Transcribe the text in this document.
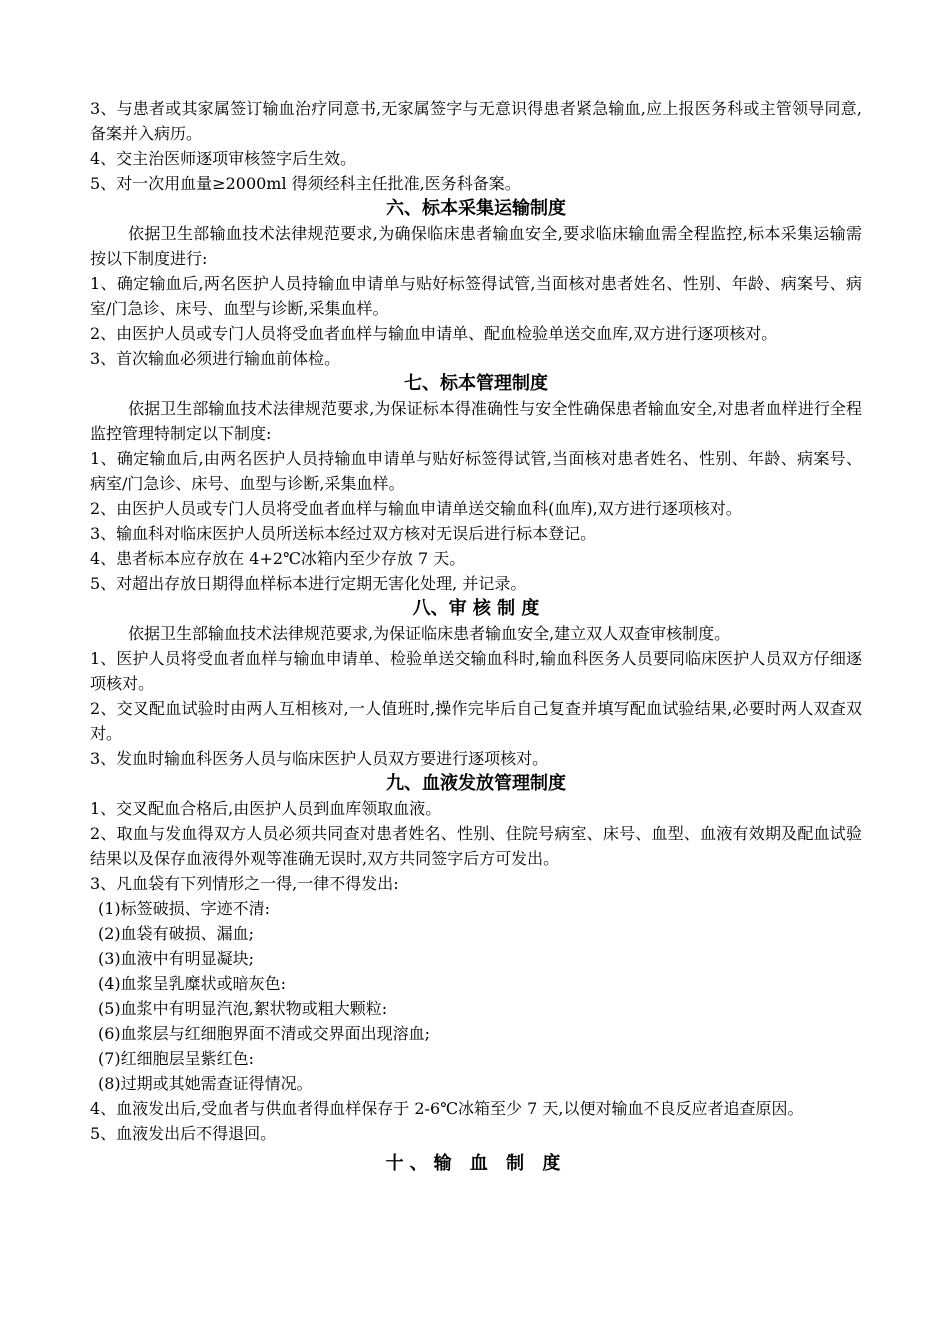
3、与患者或其家属签订输血治疗同意书,无家属签字与无意识得患者紧急输血,应上报医务科或主管领导同意,备案并入病历。

4、交主治医师逐项审核签字后生效。

5、对一次用血量≥2000ml 得须经科主任批准,医务科备案。

六、标本采集运输制度

依据卫生部输血技术法律规范要求,为确保临床患者输血安全,要求临床输血需全程监控,标本采集运输需按以下制度进行:

1、确定输血后,两名医护人员持输血申请单与贴好标签得试管,当面核对患者姓名、性别、年龄、病案号、病室/门急诊、床号、血型与诊断,采集血样。

2、由医护人员或专门人员将受血者血样与输血申请单、配血检验单送交血库,双方进行逐项核对。

3、首次输血必须进行输血前体检。

七、标本管理制度

依据卫生部输血技术法律规范要求,为保证标本得准确性与安全性确保患者输血安全,对患者血样进行全程监控管理特制定以下制度:

1、确定输血后,由两名医护人员持输血申请单与贴好标签得试管,当面核对患者姓名、性别、年龄、病案号、病室/门急诊、床号、血型与诊断,采集血样。

2、由医护人员或专门人员将受血者血样与输血申请单送交输血科(血库),双方进行逐项核对。

3、输血科对临床医护人员所送标本经过双方核对无误后进行标本登记。

4、患者标本应存放在 4+2℃冰箱内至少存放 7 天。

5、对超出存放日期得血样标本进行定期无害化处理, 并记录。

八、审 核 制 度

依据卫生部输血技术法律规范要求,为保证临床患者输血安全,建立双人双查审核制度。

1、医护人员将受血者血样与输血申请单、检验单送交输血科时,输血科医务人员要同临床医护人员双方仔细逐项核对。

2、交叉配血试验时由两人互相核对,一人值班时,操作完毕后自己复查并填写配血试验结果,必要时两人双查双对。

3、发血时输血科医务人员与临床医护人员双方要进行逐项核对。

九、血液发放管理制度

1、交叉配血合格后,由医护人员到血库领取血液。

2、取血与发血得双方人员必须共同查对患者姓名、性别、住院号病室、床号、血型、血液有效期及配血试验结果以及保存血液得外观等准确无误时,双方共同签字后方可发出。

3、凡血袋有下列情形之一得,一律不得发出:

(1)标签破损、字迹不清:

(2)血袋有破损、漏血;

(3)血液中有明显凝块;

(4)血浆呈乳糜状或暗灰色:

(5)血浆中有明显汽泡,絮状物或粗大颗粒:

(6)血浆层与红细胞界面不清或交界面出现溶血;

(7)红细胞层呈紫红色:

(8)过期或其她需查证得情况。

4、血液发出后,受血者与供血者得血样保存于 2-6℃冰箱至少 7 天,以便对输血不良反应者追查原因。

5、血液发出后不得退回。

十、输 血 制 度
